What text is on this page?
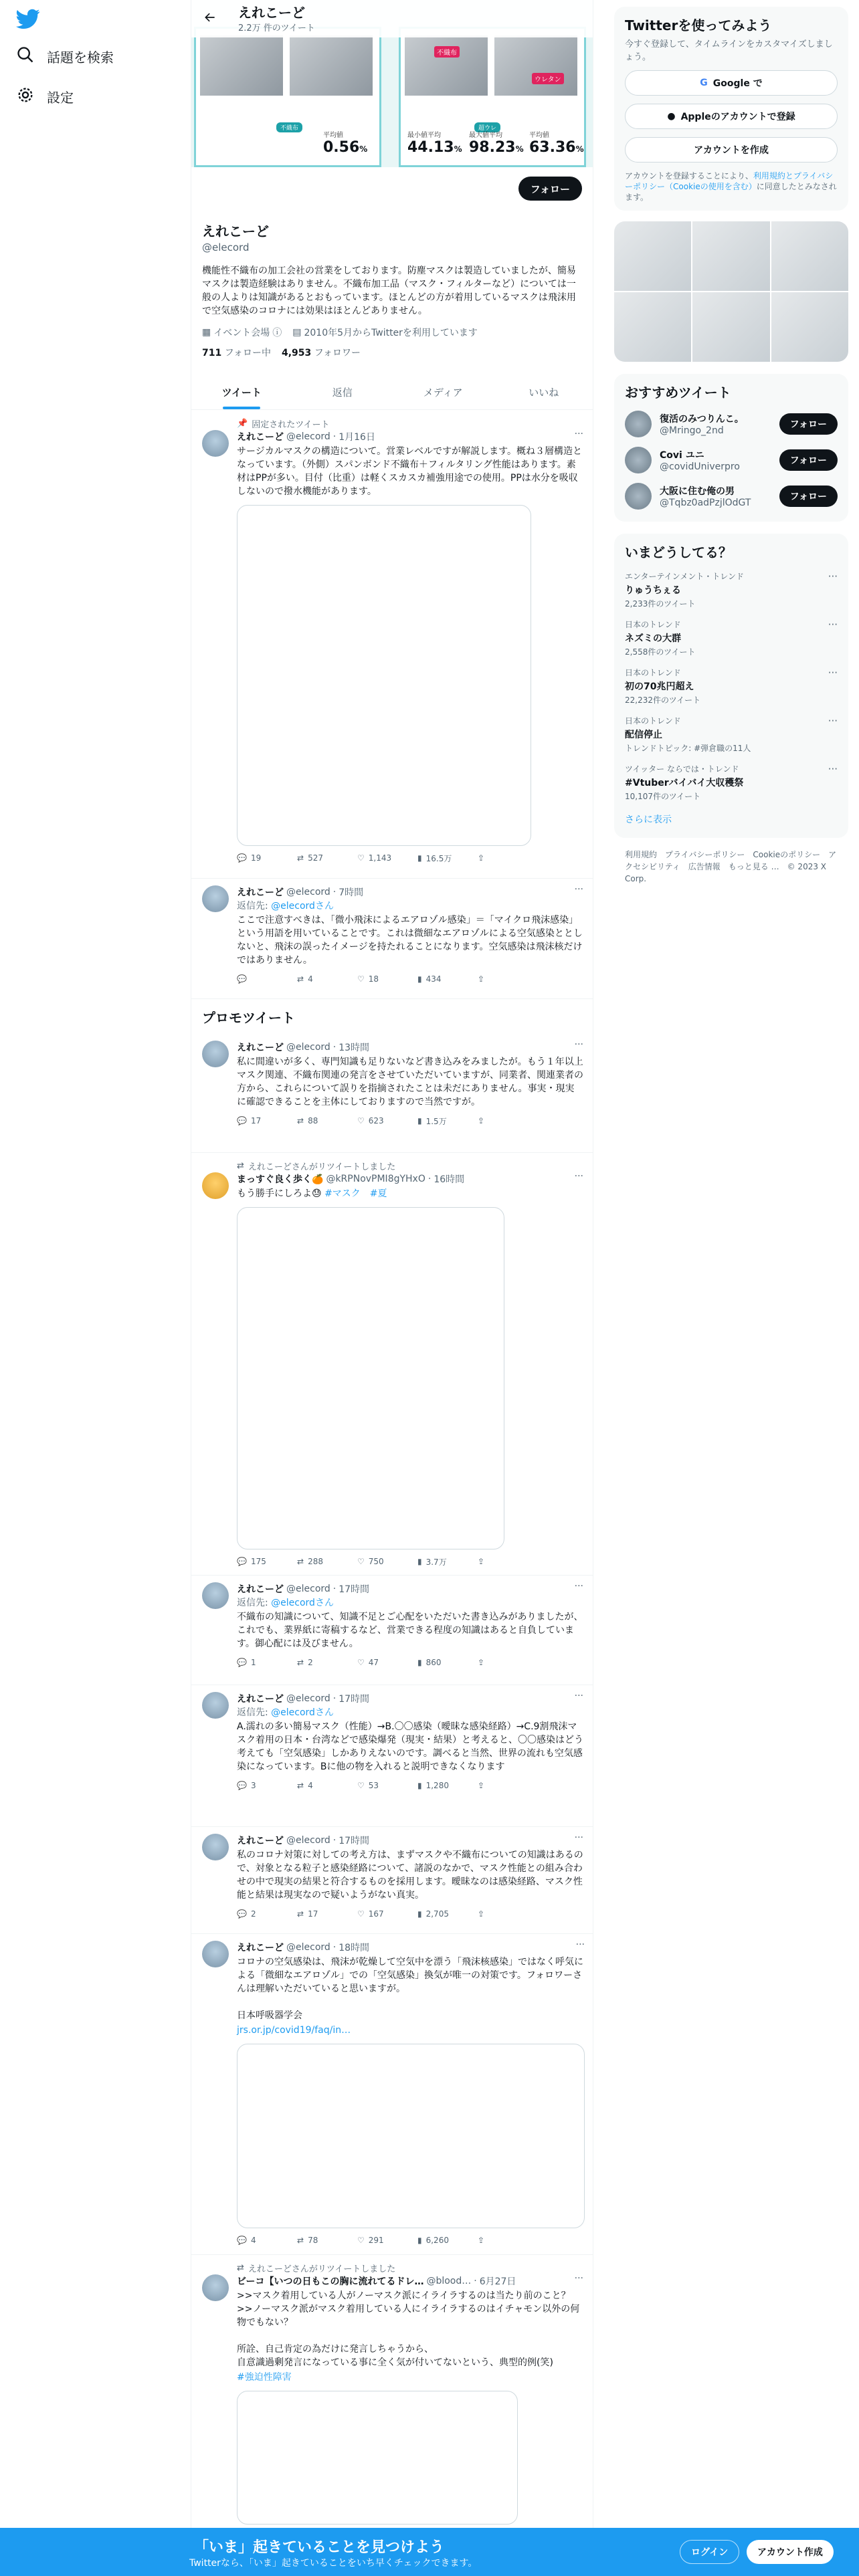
話題を検索
設定
不織布
平均値
0.56%
不織布
ウレタン
超ウレ
最小値平均
44.13%
最大値平均
98.23%
平均値
63.36%
えれこーど
2.2万 件のツイート
フォロー
えれこーど
@elecord
機能性不織布の加工会社の営業をしております。防塵マスクは製造していましたが、簡易マスクは製造経験はありません。不織布加工品（マスク・フィルターなど）については一般の人よりは知識があるとおもっています。ほとんどの方が着用しているマスクは飛沫用で空気感染のコロナには効果はほとんどありません。
▦ イベント会場 ⓘ ▤ 2010年5月からTwitterを利用しています
711 フォロー中 4,953 フォロワー
ツイート	返信	メディア	いいね
📌 固定されたツイート
えれこーど @elecord · 1月16日	···
サージカルマスクの構造について。営業レベルですが解説します。概ね３層構造となっています。（外側）スパンボンド不織布＋フィルタリング性能はあります。素材はPPが多い。目付（比重）は軽くスカスカ補強用途での使用。PPは水分を吸収しないので撥水機能があります。
💬 19	⇄ 527	♡ 1,143	▮ 16.5万	⇪
えれこーど @elecord · 7時間	···
返信先: @elecordさん
ここで注意すべきは、「微小飛沫によるエアロゾル感染」＝「マイクロ飛沫感染」という用語を用いていることです。これは微細なエアロゾルによる空気感染ととしないと、飛沫の誤ったイメージを持たれることになります。空気感染は飛沫核だけではありません。
💬	⇄ 4	♡ 18	▮ 434	⇪
プロモツイート
えれこーど @elecord · 13時間	···
私に間違いが多く、専門知識も足りないなど書き込みをみましたが。もう１年以上マスク関連、不織布関連の発言をさせていただいていますが、同業者、関連業者の方から、これらについて誤りを指摘されたことは未だにありません。事実・現実に確認できることを主体にしておりますので当然ですが。
💬 17	⇄ 88	♡ 623	▮ 1.5万	⇪
⇄ えれこーどさんがリツイートしました
まっすぐ良く歩く🍊 @kRPNovPMI8gYHxO · 16時間	···
もう勝手にしろよ😓 #マスク　#夏
💬 175	⇄ 288	♡ 750	▮ 3.7万	⇪
えれこーど @elecord · 17時間	···
返信先: @elecordさん
不織布の知識について、知識不足とご心配をいただいた書き込みがありましたが、これでも、業界紙に寄稿するなど、営業できる程度の知識はあると自負しています。御心配には及びません。
💬 1	⇄ 2	♡ 47	▮ 860	⇪
えれこーど @elecord · 17時間	···
返信先: @elecordさん
A.濡れの多い簡易マスク（性能）→B.〇〇感染（曖昧な感染経路）→C.9割飛沫マスク着用の日本・台湾などで感染爆発（現実・結果）と考えると、〇〇感染はどう考えても「空気感染」しかありえないのです。調べると当然、世界の流れも空気感染になっています。Bに他の物を入れると説明できなくなります
💬 3	⇄ 4	♡ 53	▮ 1,280	⇪
えれこーど @elecord · 17時間	···
私のコロナ対策に対しての考え方は、まずマスクや不織布についての知識はあるので、対象となる粒子と感染経路について、諸説のなかで、マスク性能との組み合わせの中で現実の結果と符合するものを採用します。曖昧なのは感染経路、マスク性能と結果は現実なので疑いようがない真実。
💬 2	⇄ 17	♡ 167	▮ 2,705	⇪
えれこーど @elecord · 18時間	···
コロナの空気感染は、飛沫が乾燥して空気中を漂う「飛沫核感染」ではなく呼気による「微細なエアロゾル」での「空気感染」換気が唯一の対策です。フォロワーさんは理解いただいていると思いますが。

日本呼吸器学会
jrs.or.jp/covid19/faq/in…
💬 4	⇄ 78	♡ 291	▮ 6,260	⇪
⇄ えれこーどさんがリツイートしました
ビーコ【いつの日もこの胸に流れてるドレ… @blood… · 6月27日	···
>>マスク着用している人がノーマスク派にイライラするのは当たり前のこと？
>>ノーマスク派がマスク着用している人にイライラするのはイチャモン以外の何物でもない？

所詮、自己肯定の為だけに発言しちゃうから、
自意識過剰発言になっている事に全く気が付いてないという、典型的例(笑)
#強迫性障害
Twitterを使ってみよう
今すぐ登録して、タイムラインをカスタマイズしましょう。
G Google で
● Appleのアカウントで登録
アカウントを作成
アカウントを登録することにより、利用規約とプライバシーポリシー（Cookieの使用を含む）に同意したとみなされます。
おすすめツイート
復活のみつりんこ。
@Mringo_2nd
フォロー
Covi ユニ
@covidUniverpro
フォロー
大阪に住む俺の男
@Tqbz0adPzjlOdGT
フォロー
いまどうしてる？
エンターテインメント・トレンド
りゅうちぇる
2,233件のツイート
···
日本のトレンド
ネズミの大群
2,558件のツイート
···
日本のトレンド
初の70兆円超え
22,232件のツイート
···
日本のトレンド
配信停止
トレンドトピック: #弾倉職の11人
···
ツイッター ならでは・トレンド
#Vtuberバイバイ大収穫祭
10,107件のツイート
···
さらに表示
利用規約　プライバシーポリシー　Cookieのポリシー　アクセシビリティ　広告情報　もっと見る …　© 2023 X Corp.
「いま」起きていることを見つけよう
Twitterなら、「いま」起きていることをいち早くチェックできます。
ログイン	アカウント作成
